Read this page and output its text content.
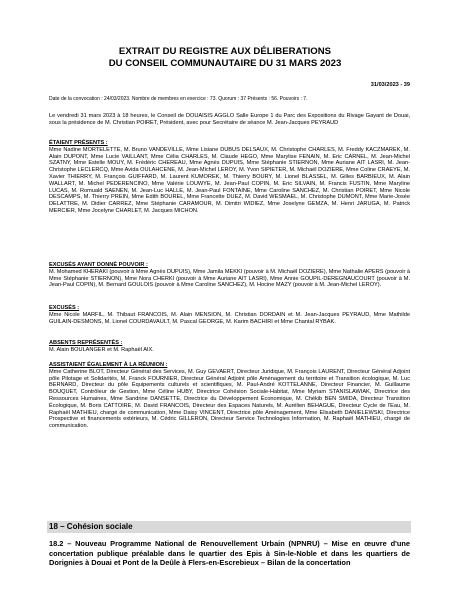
EXTRAIT DU REGISTRE AUX DÉLIBERATIONS
DU CONSEIL COMMUNAUTAIRE DU 31 MARS 2023
31/03/2023 - 39
Date de la convocation : 24/03/2023. Nombre de membres en exercice : 73. Quorum : 37 Présents : 56. Pouvoirs : 7.

Le vendredi 31 mars 2023 à 18 heures, le Conseil de DOUAISIS AGGLO Salle Europe 1 du Parc des Expositions du Rivage Gayant de Douai, sous la présidence de M. Christian POIRET, Président, avec pour Secrétaire de séance M. Jean-Jacques PEYRAUD

ÉTAIENT PRÉSENTS :

Mme Nadine MORTELETTE, M. Bruno VANDEVILLE, Mme Lisiane DUBUS DELSAUX, M. Christophe CHARLES, M. Freddy KACZMAREK, M. Alain DUPONT, Mme Lucie VAILLANT, Mme Célia CHARLES, M. Claude HEGO, Mme Marylise FENAIN, M. Eric CARNEL, M. Jean-Michel SZATNY, Mme Estelle MOUY, M. Frédéric CHEREAU, Mme Agnès DUPUIS, Mme Stéphanie STIERNON, Mme Auriane AIT LASRI, M. Jean-Christophe LECLERCQ, Mme Avida OULAHCENE, M. Jean-Michel LEROY, M. Yvon SIPIETER, M. Michaël DOZIERE, Mme Coline CRAEYE, M. Xavier THIERRY, M. François GUIFFARD, M. Laurent KUMOREK, M. Thierry BOURY, M. Lionel BLASSEL, M. Gilles BARBIEUX, M. Alain WALLART, M. Michel PEDERENCINO, Mme Valérie LOUWYE, M. Jean-Paul COPIN, M. Eric SILVAIN, M. Francis FUSTIN, Mme Maryline LUCAS, M. Romuald SAENEN, M. Jean-Luc HALLE, M. Jean-Paul FONTAINE, Mme Caroline SANCHEZ, M. Christian POIRET, Mme Nicole DESCAMPS, M. Thierry PREIN, Mme Edith BOUREL, Mme Francette DUEZ, M. David WESMAEL, M. Christophe DUMONT, Mme Marie-Josée DELATTRE, M. Didier CARREZ, Mme Stéphanie CARAMOUR, M. Dimitri WIDIEZ, Mme Joselyne GEMZA, M. Henri JARUGA, M. Patrick MERCIER, Mme Jocelyne CHARLET, M. Jacques MICHON.

EXCUSÉS AYANT DONNÉ POUVOIR :

M. Mohamed KHERAKI (pouvoir à Mme Agnès DUPUIS), Mme Jamila MEKKI (pouvoir à M. Michaël DOZIERE), Mme Nathalie APERS (pouvoir à Mme Stéphanie STIERNON), Mme Nora CHERKI (pouvoir à Mme Auriane AIT LASRI), Mme Annie GOUPIL-DEREGNAUCOURT (pouvoir à M. Jean-Paul COPIN), M. Bernard GOULOIS (pouvoir à Mme Caroline SANCHEZ), M. Hocine MAZY (pouvoir à M. Jean-Michel LEROY).

EXCUSÉS :

Mme Nicole MARFIL, M. Thibaut FRANCOIS, M. Alain MENSION, M. Christian DORDAIN et M. Jean-Jacques PEYRAUD, Mme Mathilde GUILAIN-DESMONS, M. Lionel COURDAVAULT, M. Pascal GEORGE, M. Karim BACHIRI et Mme Chantal RYBAK.

ABSENTS REPRÉSENTÉS :

M. Alain BOULANGER et M. Raphaël AIX.

ASSISTAIENT ÉGALEMENT À LA RÉUNION :

Mme Catherine BLOT, Directeur Général des Services, M. Guy GEVAERT, Directeur Juridique, M. François LAURENT, Directeur Général Adjoint pôle Pilotage et Solidarités, M. Franck FOURNIER, Directeur Général Adjoint pôle Aménagement du territoire et Transition écologique, M. Luc BERNARD, Directeur du pôle Équipements culturels et scientifiques, M. Paul-André KOTTELANNE, Directeur Financier, M. Guillaume BOUQUET, Contrôleur de Gestion, Mme Céline HUBY, Directrice Cohésion Sociale-Habitat, Mme Myriam STANISLAWIAK, Directrice des Ressources Humaines, Mme Sandrine DANSETTE, Directrice du Développement Économique, M. Chékib BEN SMIDA, Directeur Transition Écologique, M. Boris CATTOIRE, M. David FRANCOIS, Directeur des Espaces Naturels, M. Aurélien BEHAGUE, Directeur Cycle de l'Eau, M. Raphaël MATHIEU, chargé de communication, Mme Daisy VINCENT, Directrice pôle Aménagement, Mme Elisabeth DANIELEWSKI, Directrice Prospective et financements extérieurs, M. Cédric GILLERON, Directeur Service Technologies Information, M. Raphaël MATHIEU, chargé de communication.

18 – Cohésion sociale
18.2 – Nouveau Programme National de Renouvellement Urbain (NPNRU) – Mise en œuvre d'une concertation publique préalable dans le quartier des Epis à Sin-le-Noble et dans les quartiers de Dorignies à Douai et Pont de la Deûle à Flers-en-Escrebieux – Bilan de la concertation
